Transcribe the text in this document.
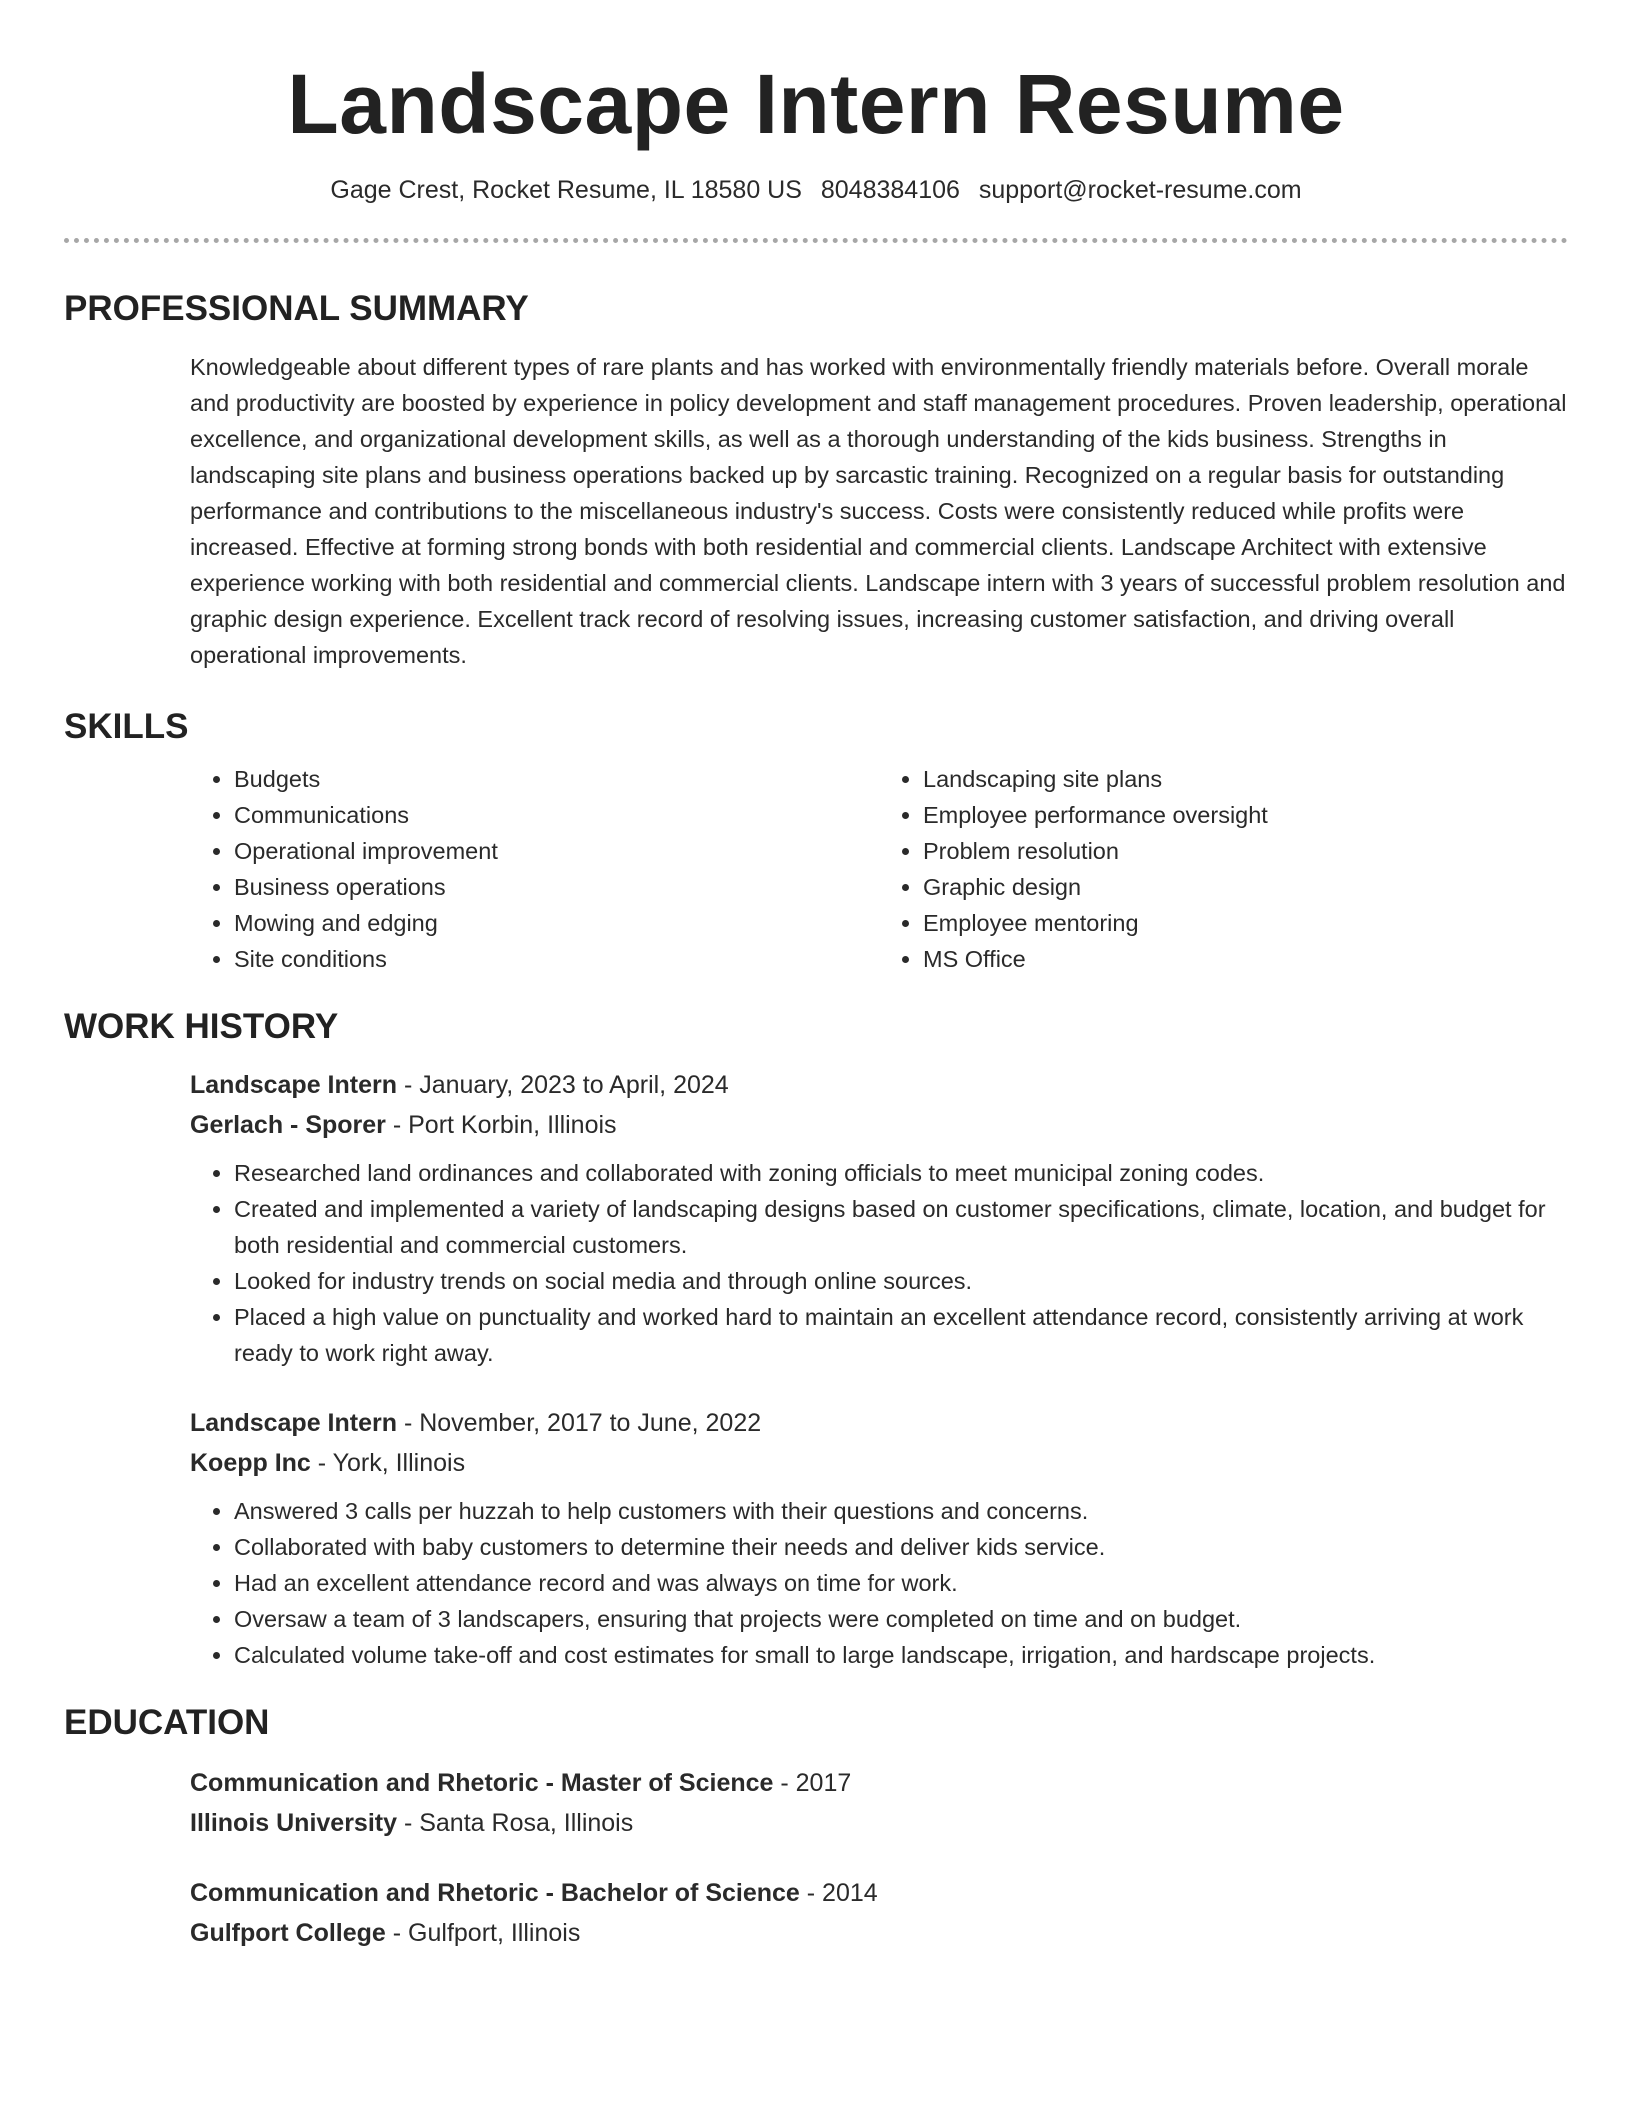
Landscape Intern Resume
Gage Crest, Rocket Resume, IL 18580 US 8048384106 support@rocket-resume.com
PROFESSIONAL SUMMARY

Knowledgeable about different types of rare plants and has worked with environmentally friendly materials before. Overall morale and productivity are boosted by experience in policy development and staff management procedures. Proven leadership, operational excellence, and organizational development skills, as well as a thorough understanding of the kids business. Strengths in landscaping site plans and business operations backed up by sarcastic training. Recognized on a regular basis for outstanding performance and contributions to the miscellaneous industry's success. Costs were consistently reduced while profits were increased. Effective at forming strong bonds with both residential and commercial clients. Landscape Architect with extensive experience working with both residential and commercial clients. Landscape intern with 3 years of successful problem resolution and graphic design experience. Excellent track record of resolving issues, increasing customer satisfaction, and driving overall operational improvements.

SKILLS
• Budgets
• Communications
• Operational improvement
• Business operations
• Mowing and edging
• Site conditions
• Landscaping site plans
• Employee performance oversight
• Problem resolution
• Graphic design
• Employee mentoring
• MS Office
WORK HISTORY
Landscape Intern - January, 2023 to April, 2024
Gerlach - Sporer - Port Korbin, Illinois
• Researched land ordinances and collaborated with zoning officials to meet municipal zoning codes.
• Created and implemented a variety of landscaping designs based on customer specifications, climate, location, and budget for both residential and commercial customers.
• Looked for industry trends on social media and through online sources.
• Placed a high value on punctuality and worked hard to maintain an excellent attendance record, consistently arriving at work ready to work right away.
Landscape Intern - November, 2017 to June, 2022
Koepp Inc - York, Illinois
• Answered 3 calls per huzzah to help customers with their questions and concerns.
• Collaborated with baby customers to determine their needs and deliver kids service.
• Had an excellent attendance record and was always on time for work.
• Oversaw a team of 3 landscapers, ensuring that projects were completed on time and on budget.
• Calculated volume take-off and cost estimates for small to large landscape, irrigation, and hardscape projects.
EDUCATION
Communication and Rhetoric - Master of Science - 2017
Illinois University - Santa Rosa, Illinois
Communication and Rhetoric - Bachelor of Science - 2014
Gulfport College - Gulfport, Illinois
